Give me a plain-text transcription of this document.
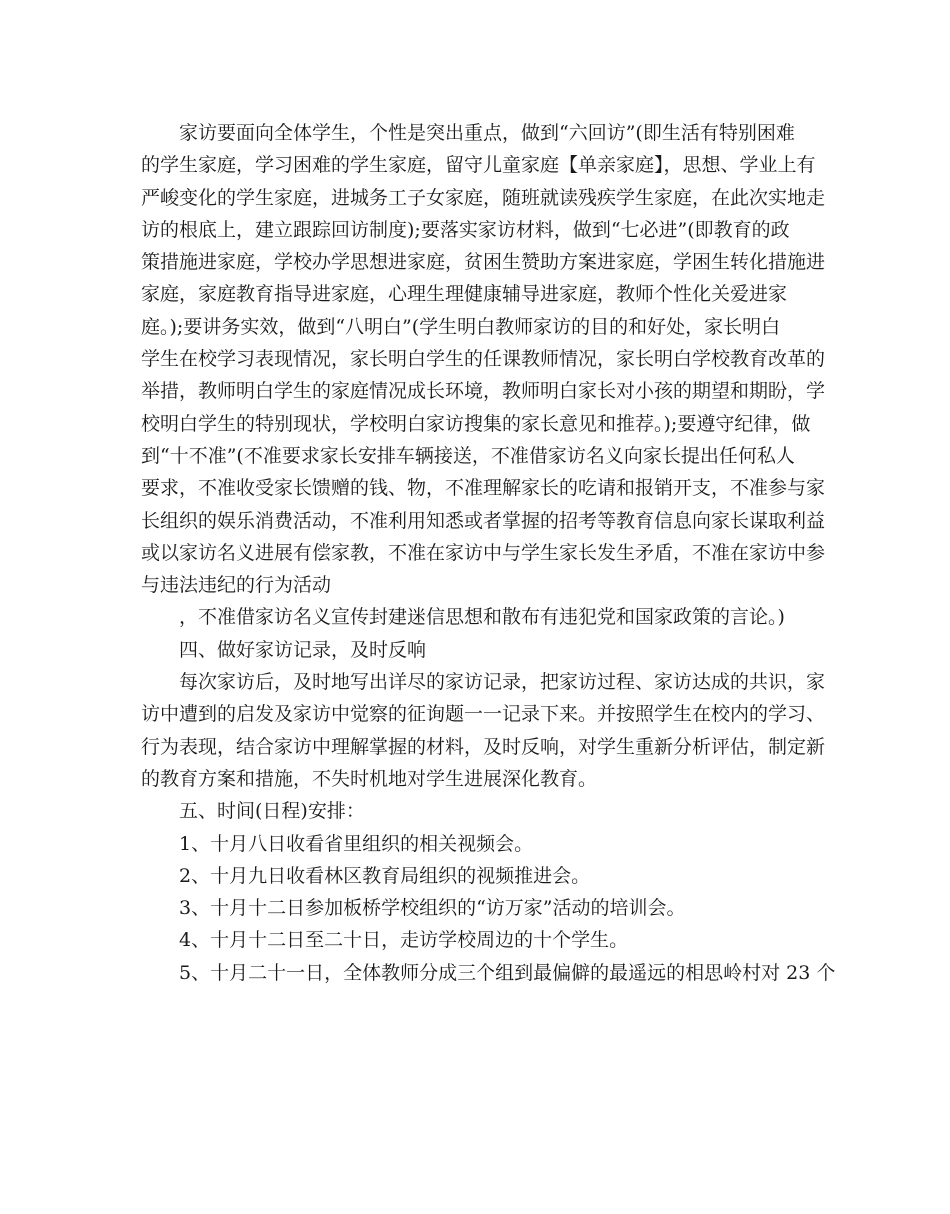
家访要面向全体学生，个性是突出重点，做到“六回访”(即生活有特别困难
的学生家庭，学习困难的学生家庭，留守儿童家庭【单亲家庭】，思想、学业上有
严峻变化的学生家庭，进城务工子女家庭，随班就读残疾学生家庭，在此次实地走
访的根底上，建立跟踪回访制度);要落实家访材料，做到“七必进”(即教育的政
策措施进家庭，学校办学思想进家庭，贫困生赞助方案进家庭，学困生转化措施进
家庭，家庭教育指导进家庭，心理生理健康辅导进家庭，教师个性化关爱进家
庭。);要讲务实效，做到“八明白”(学生明白教师家访的目的和好处，家长明白
学生在校学习表现情况，家长明白学生的任课教师情况，家长明白学校教育改革的
举措，教师明白学生的家庭情况成长环境，教师明白家长对小孩的期望和期盼，学
校明白学生的特别现状，学校明白家访搜集的家长意见和推荐。);要遵守纪律，做
到“十不准”(不准要求家长安排车辆接送，不准借家访名义向家长提出任何私人
要求，不准收受家长馈赠的钱、物，不准理解家长的吃请和报销开支，不准参与家
长组织的娱乐消费活动，不准利用知悉或者掌握的招考等教育信息向家长谋取利益
或以家访名义进展有偿家教，不准在家访中与学生家长发生矛盾，不准在家访中参
与违法违纪的行为活动
，不准借家访名义宣传封建迷信思想和散布有违犯党和国家政策的言论。)
四、做好家访记录，及时反响
每次家访后，及时地写出详尽的家访记录，把家访过程、家访达成的共识，家
访中遭到的启发及家访中觉察的征询题一一记录下来。并按照学生在校内的学习、
行为表现，结合家访中理解掌握的材料，及时反响，对学生重新分析评估，制定新
的教育方案和措施，不失时机地对学生进展深化教育。
五、时间(日程)安排：
1、十月八日收看省里组织的相关视频会。
2、十月九日收看林区教育局组织的视频推进会。
3、十月十二日参加板桥学校组织的“访万家”活动的培训会。
4、十月十二日至二十日，走访学校周边的十个学生。
5、十月二十一日，全体教师分成三个组到最偏僻的最遥远的相思岭村对 23 个
